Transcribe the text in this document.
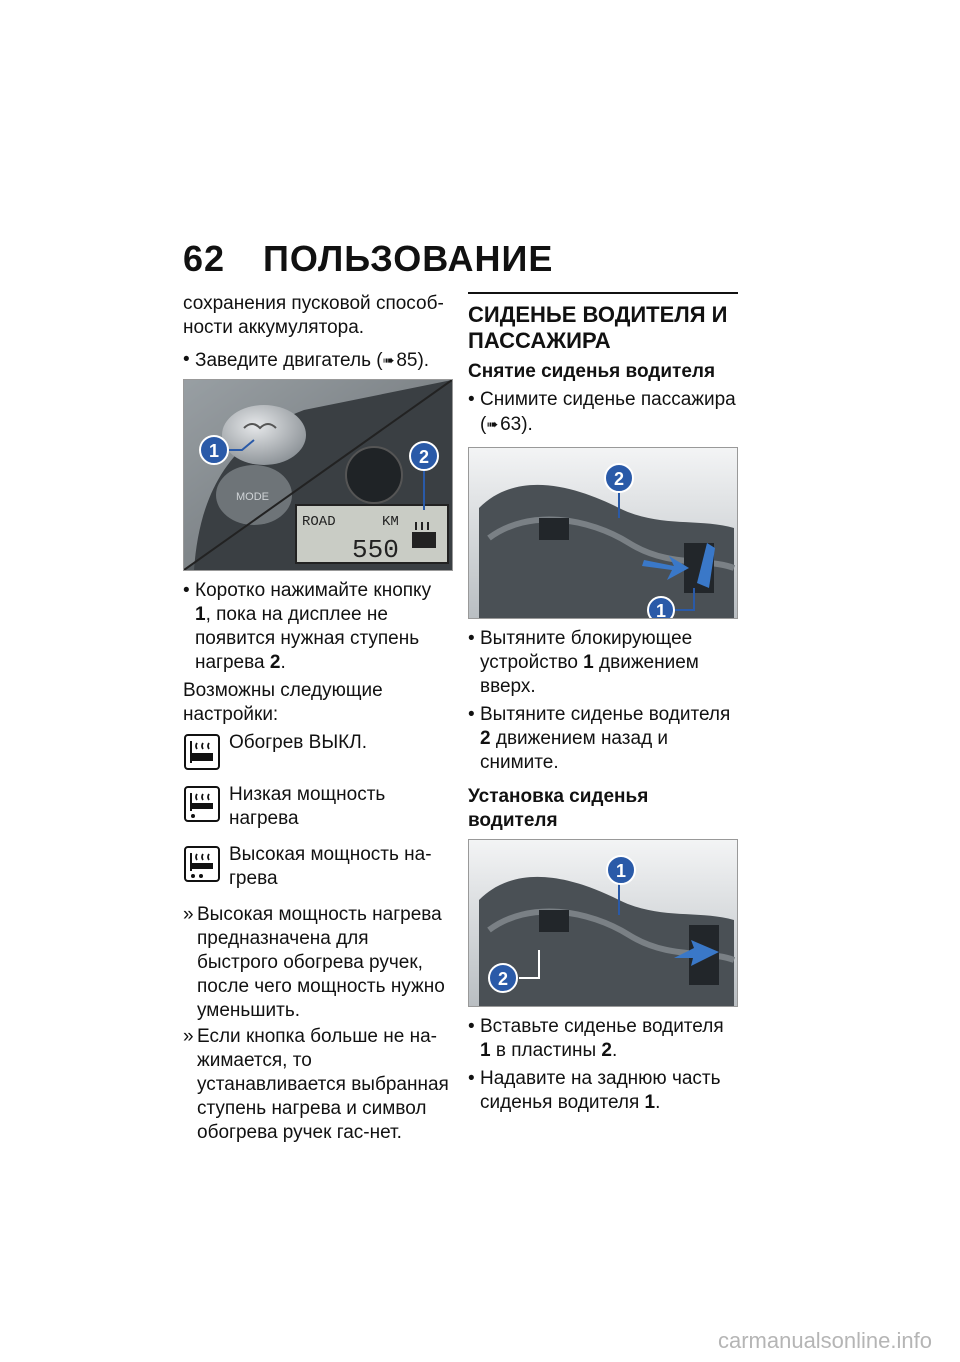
62 ПОЛЬЗОВАНИЕ

сохранения пусковой способ-ности аккумулятора.

• Заведите двигатель (➠ 85).
MODE
ROAD	KM
550
1	2
• Коротко нажимайте кнопку 1, пока на дисплее не появится нужная ступень нагрева 2.

Возможны следующие настройки:

Обогрев ВЫКЛ.
Низкая мощность нагрева
Высокая мощность на-грева
» Высокая мощность нагрева предназначена для быстрого обогрева ручек, после чего мощность нужно уменьшить.
» Если кнопка больше не на-жимается, то устанавливается выбранная ступень нагрева и символ обогрева ручек гас-нет.
СИДЕНЬЕ ВОДИТЕЛЯ И ПАССАЖИРА
Снятие сиденья водителя
• Снимите сиденье пассажира (➠ 63).
2
1
• Вытяните блокирующее устройство 1 движением вверх.
• Вытяните сиденье водителя 2 движением назад и снимите.
Установка сиденья водителя
1
2
• Вставьте сиденье водителя 1 в пластины 2.
• Надавите на заднюю часть сиденья водителя 1.
carmanualsonline.info
